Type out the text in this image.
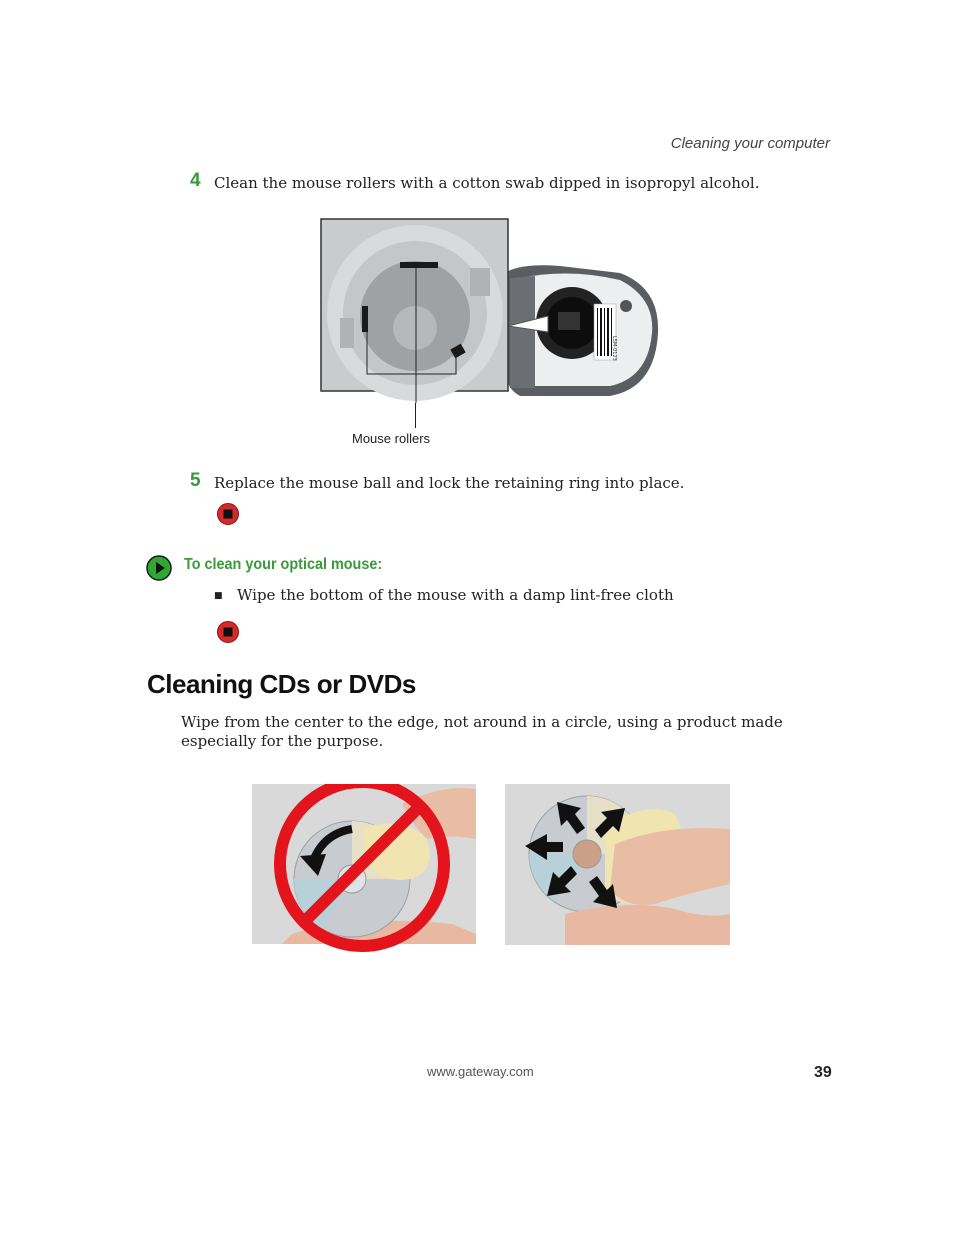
Cleaning your computer
4 Clean the mouse rollers with a cotton swab dipped in isopropyl alcohol.
L5M-0123
Mouse rollers
5 Replace the mouse ball and lock the retaining ring into place.
To clean your optical mouse:
■ Wipe the bottom of the mouse with a damp lint-free cloth
Cleaning CDs or DVDs
Wipe from the center to the edge, not around in a circle, using a product made especially for the purpose.
www.gateway.com	39
